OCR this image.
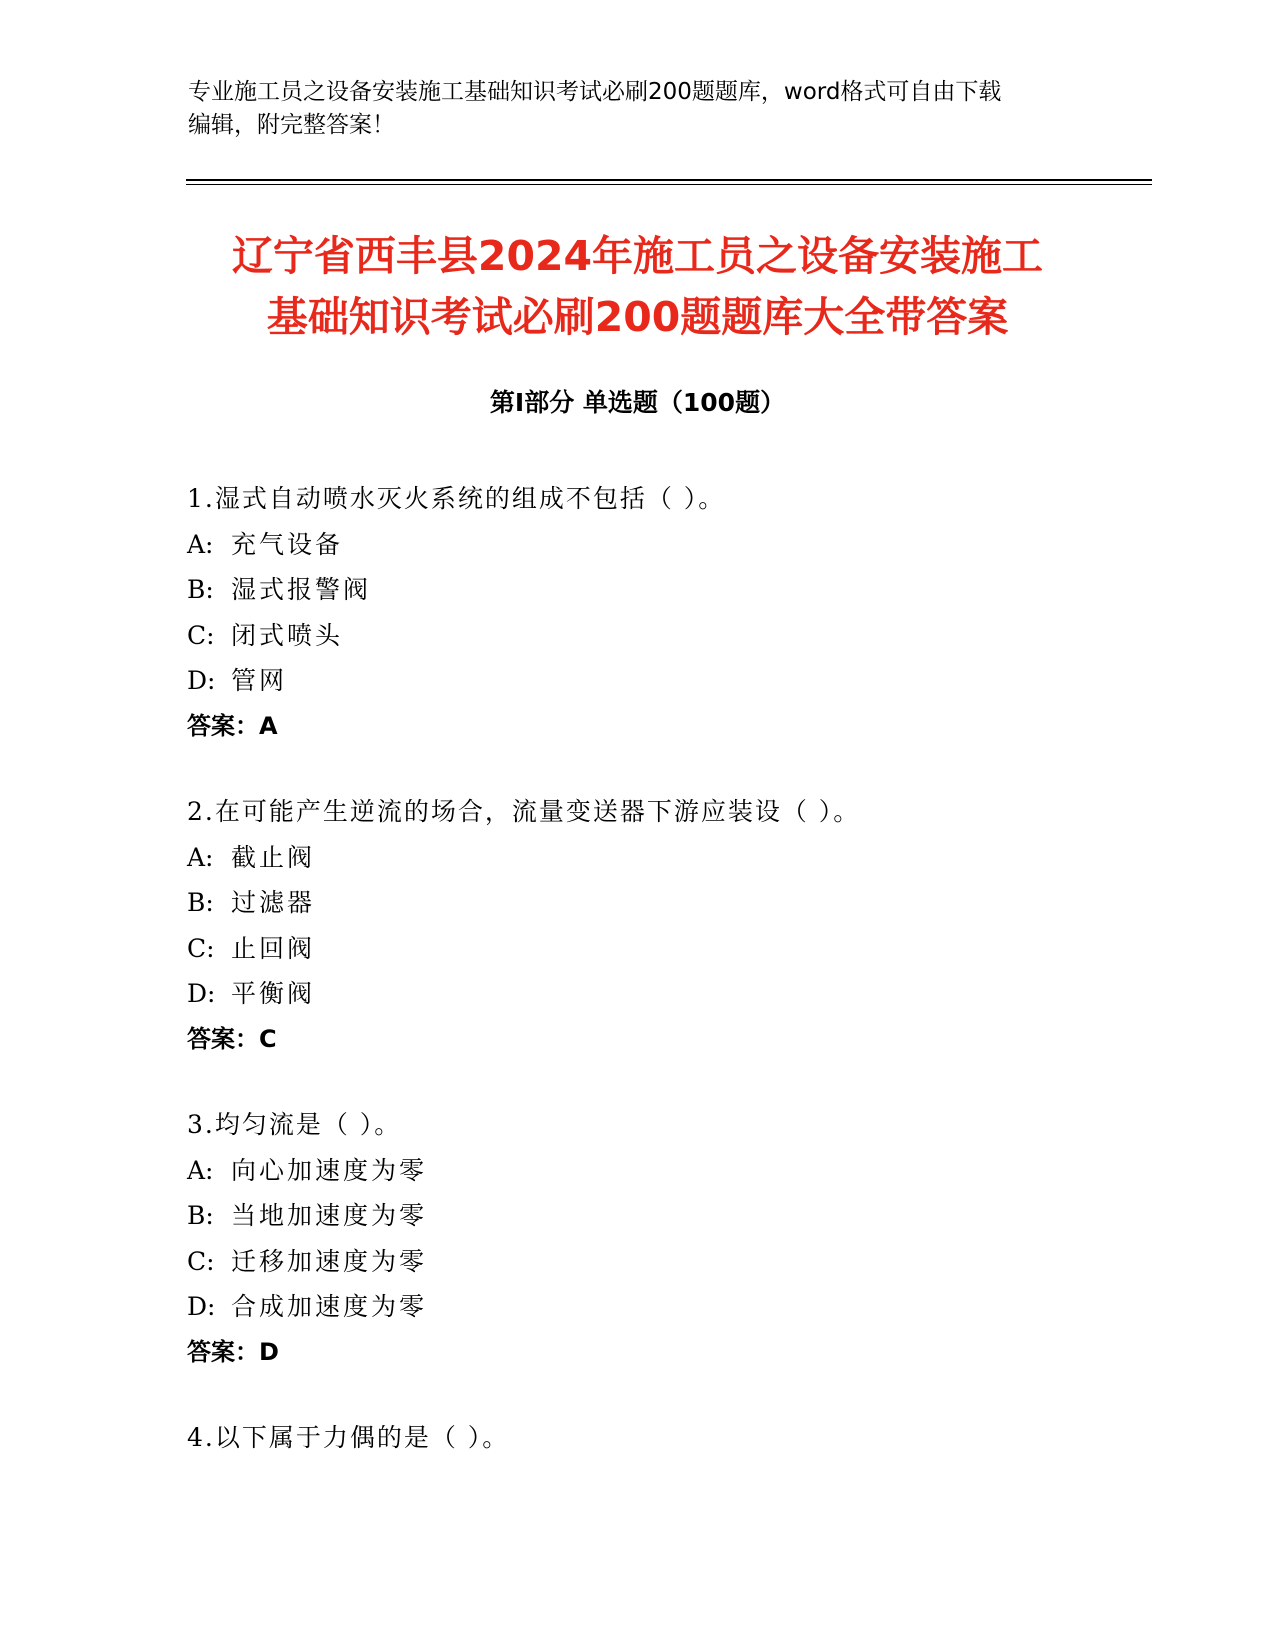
专业施工员之设备安装施工基础知识考试必刷200题题库，word格式可自由下载
编辑，附完整答案！
辽宁省西丰县2024年施工员之设备安装施工
基础知识考试必刷200题题库大全带答案
第Ⅰ部分 单选题（100题）
1.湿式自动喷水灭火系统的组成不包括（ ）。
A: 充气设备
B: 湿式报警阀
C: 闭式喷头
D: 管网
答案：A
2.在可能产生逆流的场合，流量变送器下游应装设（ ）。
A: 截止阀
B: 过滤器
C: 止回阀
D: 平衡阀
答案：C
3.均匀流是（ ）。
A: 向心加速度为零
B: 当地加速度为零
C: 迁移加速度为零
D: 合成加速度为零
答案：D
4.以下属于力偶的是（ ）。
